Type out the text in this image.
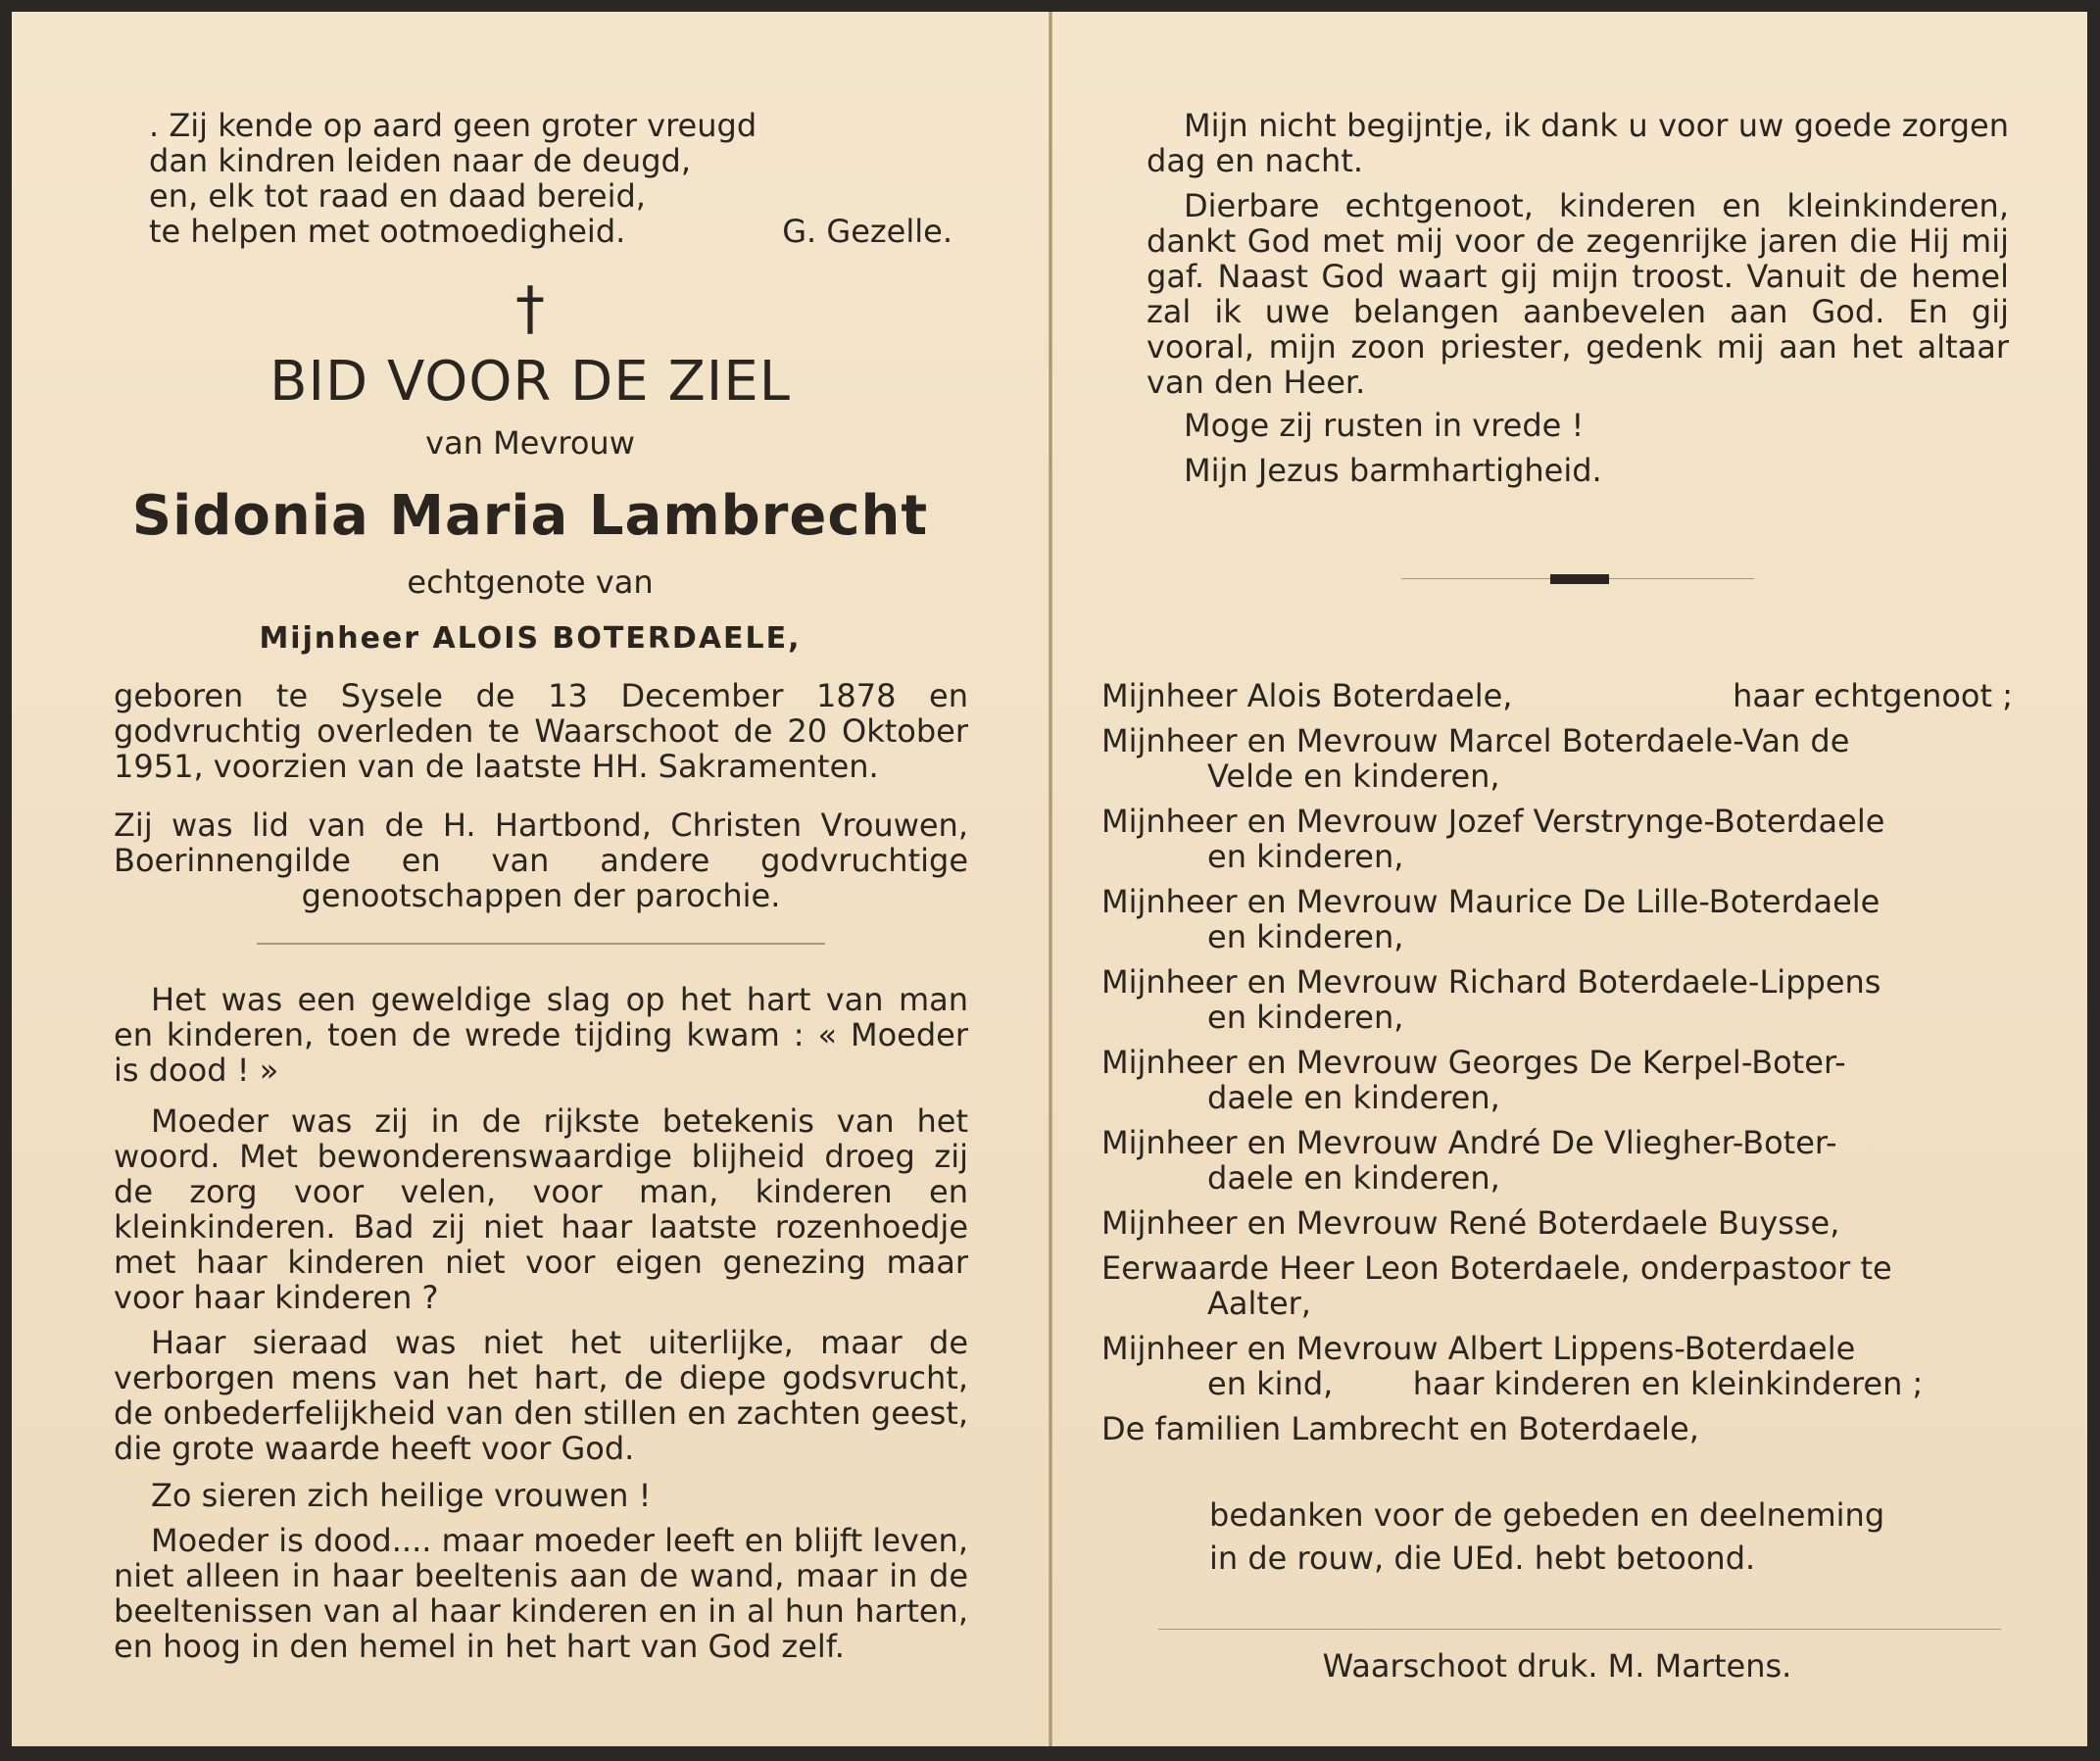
. Zij kende op aard geen groter vreugd
dan kindren leiden naar de deugd,
en, elk tot raad en daad bereid,
te helpen met ootmoedigheid.	G. Gezelle.
†
BID VOOR DE ZIEL
van Mevrouw
Sidonia Maria Lambrecht
echtgenote van
Mijnheer ALOIS BOTERDAELE,
geboren te Sysele de 13 December 1878 en godvruchtig overleden te Waarschoot de 20 Oktober 1951, voorzien van de laatste HH. Sakramenten.
Zij was lid van de H. Hartbond, Christen Vrouwen, Boerinnengilde en van andere godvruchtige genootschappen der parochie.
Het was een geweldige slag op het hart van man en kinderen, toen de wrede tijding kwam : « Moeder is dood ! »
Moeder was zij in de rijkste betekenis van het woord. Met bewonderenswaardige blijheid droeg zij de zorg voor velen, voor man, kinderen en kleinkinderen. Bad zij niet haar laatste rozenhoedje met haar kinderen niet voor eigen genezing maar voor haar kinderen ?
Haar sieraad was niet het uiterlijke, maar de verborgen mens van het hart, de diepe godsvrucht, de onbederfelijkheid van den stillen en zachten geest, die grote waarde heeft voor God.
Zo sieren zich heilige vrouwen !
Moeder is dood.... maar moeder leeft en blijft leven, niet alleen in haar beeltenis aan de wand, maar in de beeltenissen van al haar kinderen en in al hun harten, en hoog in den hemel in het hart van God zelf.
Mijn nicht begijntje, ik dank u voor uw goede zorgen dag en nacht.
Dierbare echtgenoot, kinderen en kleinkinderen, dankt God met mij voor de zegenrijke jaren die Hij mij gaf. Naast God waart gij mijn troost. Vanuit de hemel zal ik uwe belangen aanbevelen aan God. En gij vooral, mijn zoon priester, gedenk mij aan het altaar van den Heer.
Moge zij rusten in vrede !
Mijn Jezus barmhartigheid.
Mijnheer Alois Boterdaele,	haar echtgenoot ;
Mijnheer en Mevrouw Marcel Boterdaele-Van de
Velde en kinderen,
Mijnheer en Mevrouw Jozef Verstrynge-Boterdaele
en kinderen,
Mijnheer en Mevrouw Maurice De Lille-Boterdaele
en kinderen,
Mijnheer en Mevrouw Richard Boterdaele-Lippens
en kinderen,
Mijnheer en Mevrouw Georges De Kerpel-Boter-
daele en kinderen,
Mijnheer en Mevrouw André De Vliegher-Boter-
daele en kinderen,
Mijnheer en Mevrouw René Boterdaele Buysse,
Eerwaarde Heer Leon Boterdaele, onderpastoor te
Aalter,
Mijnheer en Mevrouw Albert Lippens-Boterdaele
en kind,        haar kinderen en kleinkinderen ;
De familien Lambrecht en Boterdaele,
bedanken voor de gebeden en deelneming
in de rouw, die UEd. hebt betoond.
Waarschoot druk. M. Martens.
